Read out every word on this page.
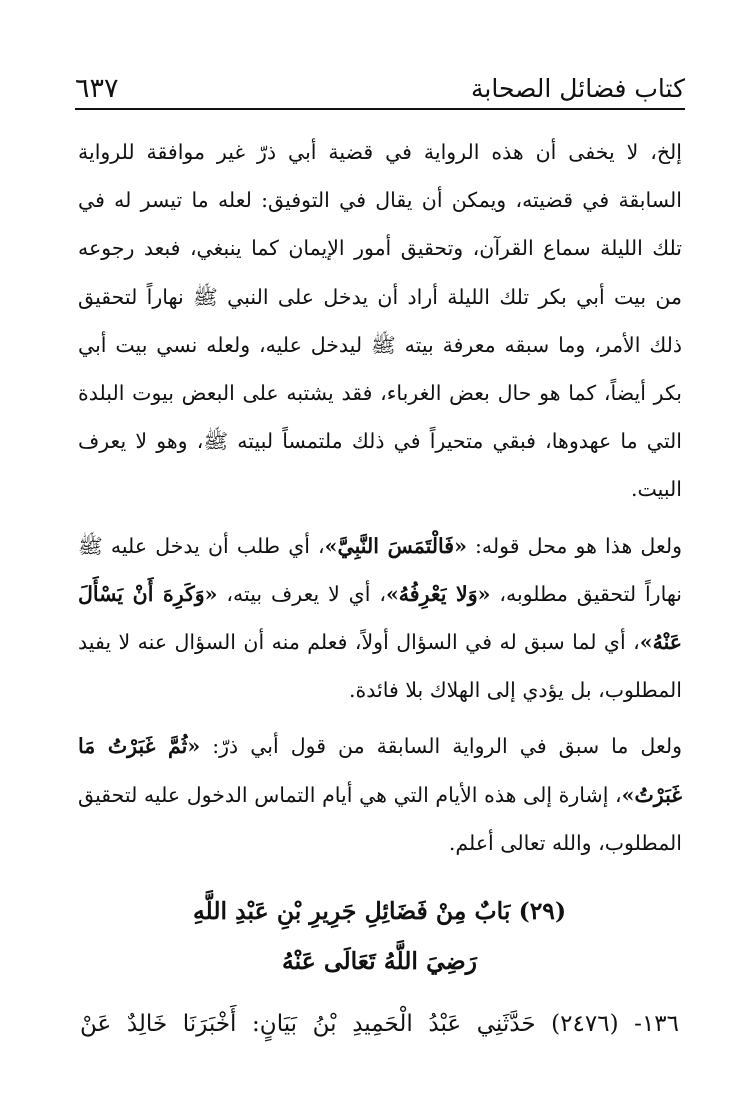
كتاب فضائل الصحابة
٦٣٧

إلخ، لا يخفى أن هذه الرواية في قضية أبي ذرّ غير موافقة للرواية السابقة في قضيته، ويمكن أن يقال في التوفيق: لعله ما تيسر له في تلك الليلة سماع القرآن، وتحقيق أمور الإيمان كما ينبغي، فبعد رجوعه من بيت أبي بكر تلك الليلة أراد أن يدخل على النبي ﷺ نهاراً لتحقيق ذلك الأمر، وما سبقه معرفة بيته ﷺ ليدخل عليه، ولعله نسي بيت أبي بكر أيضاً، كما هو حال بعض الغرباء، فقد يشتبه على البعض بيوت البلدة التي ما عهدوها، فبقي متحيراً في ذلك ملتمساً لبيته ﷺ، وهو لا يعرف البيت.

ولعل هذا هو محل قوله: «فَالْتَمَسَ النَّبِيَّ»، أي طلب أن يدخل عليه ﷺ نهاراً لتحقيق مطلوبه، «وَلا يَعْرِفُهُ»، أي لا يعرف بيته، «وَكَرِهَ أَنْ يَسْأَلَ عَنْهُ»، أي لما سبق له في السؤال أولاً، فعلم منه أن السؤال عنه لا يفيد المطلوب، بل يؤدي إلى الهلاك بلا فائدة.

ولعل ما سبق في الرواية السابقة من قول أبي ذرّ: «ثُمَّ غَبَرْتُ مَا غَبَرْتُ»، إشارة إلى هذه الأيام التي هي أيام التماس الدخول عليه لتحقيق المطلوب، والله تعالى أعلم.

(٢٩) بَابٌ مِنْ فَضَائِلِ جَرِيرِ بْنِ عَبْدِ اللَّهِ
رَضِيَ اللَّهُ تَعَالَى عَنْهُ
١٣٦- (٢٤٧٦) حَدَّثَنِي عَبْدُ الْحَمِيدِ بْنُ بَيَانٍ: أَخْبَرَنَا خَالِدٌ عَنْ
